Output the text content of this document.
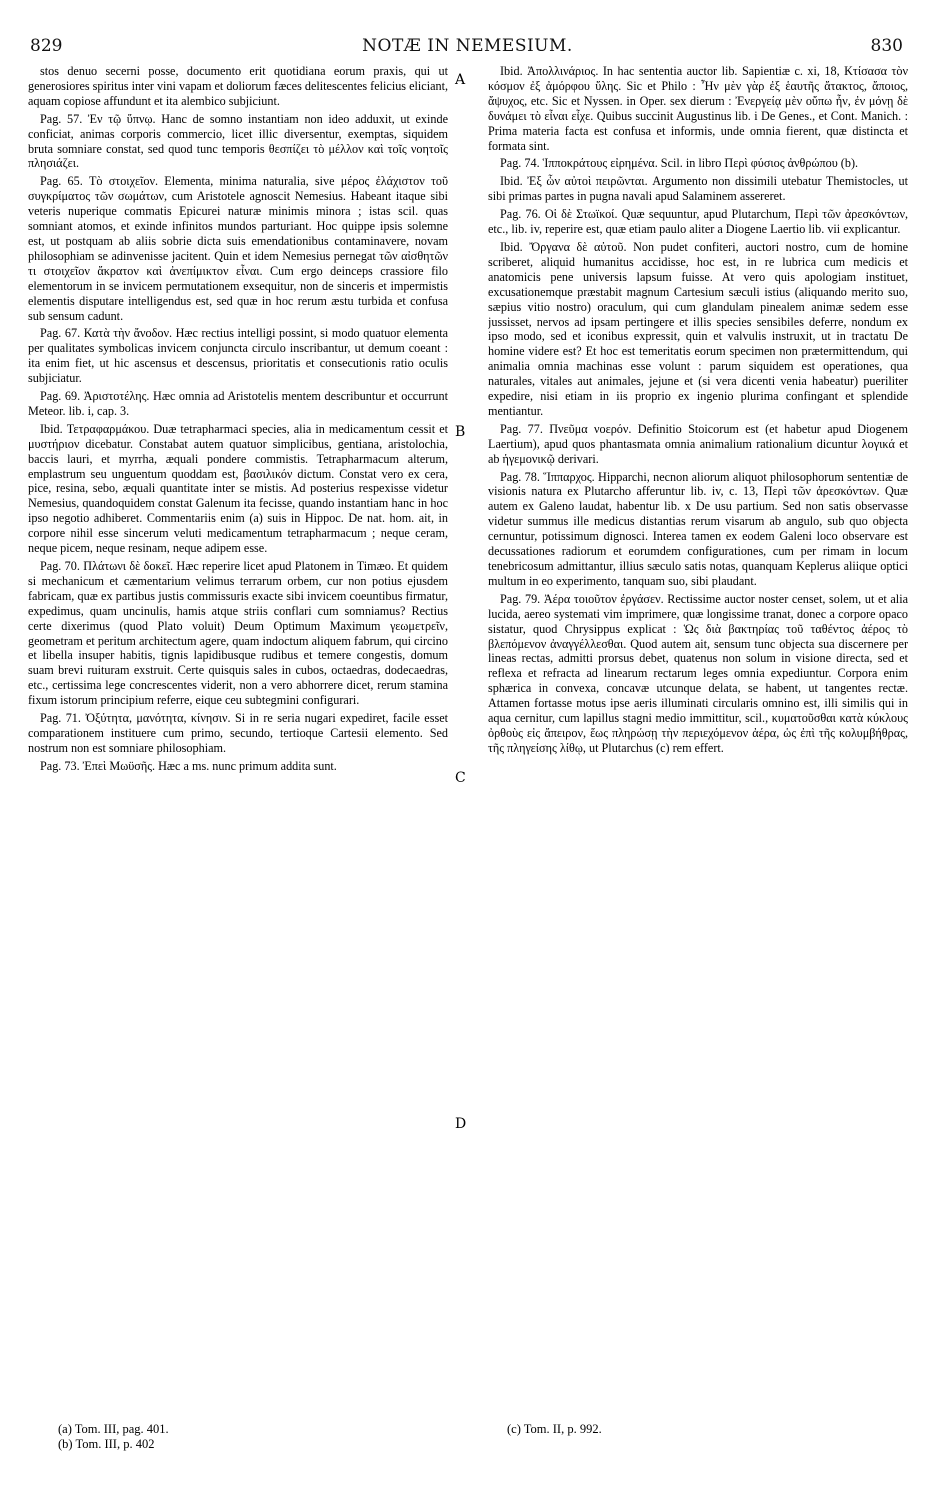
829	NOTÆ IN NEMESIUM.	830

stos denuo secerni posse, documento erit quotidiana eorum praxis, qui ut generosiores spiritus inter vini vapam et doliorum fæces delitescentes felicius eliciant, aquam copiose affundunt et ita alembico subjiciunt.

Pag. 57. Ἐν τῷ ὕπνῳ. Hanc de somno instantiam non ideo adduxit, ut exinde conficiat, animas corporis commercio, licet illic diversentur, exemptas, siquidem bruta somniare constat, sed quod tunc temporis θεσπίζει τὸ μέλλον καὶ τοῖς νοητοῖς πλησιάζει.

Pag. 65. Τὸ στοιχεῖον. Elementa, minima naturalia, sive μέρος ἐλάχιστον τοῦ συγκρίματος τῶν σωμάτων, cum Aristotele agnoscit Nemesius. Habeant itaque sibi veteris nuperique commatis Epicurei naturæ minimis minora ; istas scil. quas somniant atomos, et exinde infinitos mundos parturiant. Hoc quippe ipsis solemne est, ut postquam ab aliis sobrie dicta suis emendationibus contaminavere, novam philosophiam se adinvenisse jacitent. Quin et idem Nemesius pernegat τῶν αἰσθητῶν τι στοιχεῖον ἄκρατον καὶ ἀνεπίμικτον εἶναι. Cum ergo deinceps crassiore filo elementorum in se invicem permutationem exsequitur, non de sinceris et impermistis elementis disputare intelligendus est, sed quæ in hoc rerum æstu turbida et confusa sub sensum cadunt.

Pag. 67. Κατὰ τὴν ἄνοδον. Hæc rectius intelligi possint, si modo quatuor elementa per qualitates symbolicas invicem conjuncta circulo inscribantur, ut demum coeant : ita enim fiet, ut hic ascensus et descensus, prioritatis et consecutionis ratio oculis subjiciatur.

Pag. 69. Ἀριστοτέλης. Hæc omnia ad Aristotelis mentem describuntur et occurrunt Meteor. lib. i, cap. 3.

Ibid. Τετραφαρμάκου. Duæ tetrapharmaci species, alia in medicamentum cessit et μυστήριον dicebatur. Constabat autem quatuor simplicibus, gentiana, aristolochia, baccis lauri, et myrrha, æquali pondere commistis. Tetrapharmacum alterum, emplastrum seu unguentum quoddam est, βασιλικόν dictum. Constat vero ex cera, pice, resina, sebo, æquali quantitate inter se mistis. Ad posterius respexisse videtur Nemesius, quandoquidem constat Galenum ita fecisse, quando instantiam hanc in hoc ipso negotio adhiberet. Commentariis enim (a) suis in Hippoc. De nat. hom. ait, in corpore nihil esse sincerum veluti medicamentum tetrapharmacum ; neque ceram, neque picem, neque resinam, neque adipem esse.

Pag. 70. Πλάτωνι δὲ δοκεῖ. Hæc reperire licet apud Platonem in Timæo. Et quidem si mechanicum et cæmentarium velimus terrarum orbem, cur non potius ejusdem fabricam, quæ ex partibus justis commissuris exacte sibi invicem coeuntibus firmatur, expedimus, quam uncinulis, hamis atque striis conflari cum somniamus? Rectius certe dixerimus (quod Plato voluit) Deum Optimum Maximum γεωμετρεῖν, geometram et peritum architectum agere, quam indoctum aliquem fabrum, qui circino et libella insuper habitis, tignis lapidibusque rudibus et temere congestis, domum suam brevi ruituram exstruit. Certe quisquis sales in cubos, octaedras, dodecaedras, etc., certissima lege concrescentes viderit, non a vero abhorrere dicet, rerum stamina fixum istorum principium referre, eique ceu subtegmini configurari.

Pag. 71. Ὀξύτητα, μανότητα, κίνησιν. Si in re seria nugari expediret, facile esset comparationem instituere cum primo, secundo, tertioque Cartesii elemento. Sed nostrum non est somniare philosophiam.

Pag. 73. Ἐπεὶ Μωϋσῆς. Hæc a ms. nunc primum addita sunt.

Ibid. Ἀπολλινάριος. In hac sententia auctor lib. Sapientiæ c. xi, 18, Κτίσασα τὸν κόσμον ἐξ ἀμόρφου ὕλης. Sic et Philo : Ἦν μὲν γὰρ ἐξ ἑαυτῆς ἄτακτος, ἄποιος, ἄψυχος, etc. Sic et Nyssen. in Oper. sex dierum : Ἐνεργείᾳ μὲν οὔπω ἦν, ἐν μόνῃ δὲ δυνάμει τὸ εἶναι εἶχε. Quibus succinit Augustinus lib. i De Genes., et Cont. Manich. : Prima materia facta est confusa et informis, unde omnia fierent, quæ distincta et formata sint.

Pag. 74. Ἱπποκράτους εἰρημένα. Scil. in libro Περὶ φύσιος ἀνθρώπου (b).

Ibid. Ἐξ ὧν αὐτοὶ πειρῶνται. Argumento non dissimili utebatur Themistocles, ut sibi primas partes in pugna navali apud Salaminem assereret.

Pag. 76. Οἱ δὲ Στωϊκοί. Quæ sequuntur, apud Plutarchum, Περὶ τῶν ἀρεσκόντων, etc., lib. iv, reperire est, quæ etiam paulo aliter a Diogene Laertio lib. vii explicantur.

Ibid. Ὄργανα δὲ αὐτοῦ. Non pudet confiteri, auctori nostro, cum de homine scriberet, aliquid humanitus accidisse, hoc est, in re lubrica cum medicis et anatomicis pene universis lapsum fuisse. At vero quis apologiam instituet, excusationemque præstabit magnum Cartesium sæculi istius (aliquando merito suo, sæpius vitio nostro) oraculum, qui cum glandulam pinealem animæ sedem esse jussisset, nervos ad ipsam pertingere et illis species sensibiles deferre, nondum ex ipso modo, sed et iconibus expressit, quin et valvulis instruxit, ut in tractatu De homine videre est? Et hoc est temeritatis eorum specimen non prætermittendum, qui animalia omnia machinas esse volunt : parum siquidem est operationes, qua naturales, vitales aut animales, jejune et (si vera dicenti venia habeatur) pueriliter expedire, nisi etiam in iis proprio ex ingenio plurima confingant et splendide mentiantur.

Pag. 77. Πνεῦμα νοερόν. Definitio Stoicorum est (et habetur apud Diogenem Laertium), apud quos phantasmata omnia animalium rationalium dicuntur λογικά et ab ἡγεμονικῷ derivari.

Pag. 78. Ἵππαρχος. Hipparchi, necnon aliorum aliquot philosophorum sententiæ de visionis natura ex Plutarcho afferuntur lib. iv, c. 13, Περὶ τῶν ἀρεσκόντων. Quæ autem ex Galeno laudat, habentur lib. x De usu partium. Sed non satis observasse videtur summus ille medicus distantias rerum visarum ab angulo, sub quo objecta cernuntur, potissimum dignosci. Interea tamen ex eodem Galeni loco observare est decussationes radiorum et eorumdem configurationes, cum per rimam in locum tenebricosum admittantur, illius sæculo satis notas, quanquam Keplerus aliique optici multum in eo experimento, tanquam suo, sibi plaudant.

Pag. 79. Ἀέρα τοιοῦτον ἐργάσεν. Rectissime auctor noster censet, solem, ut et alia lucida, aereo systemati vim imprimere, quæ longissime tranat, donec a corpore opaco sistatur, quod Chrysippus explicat : Ὡς διὰ βακτηρίας τοῦ ταθέντος ἀέρος τὸ βλεπόμενον ἀναγγέλλεσθαι. Quod autem ait, sensum tunc objecta sua discernere per lineas rectas, admitti prorsus debet, quatenus non solum in visione directa, sed et reflexa et refracta ad linearum rectarum leges omnia expediuntur. Corpora enim sphærica in convexa, concavæ utcunque delata, se habent, ut tangentes rectæ. Attamen fortasse motus ipse aeris illuminati circularis omnino est, illi similis qui in aqua cernitur, cum lapillus stagni medio immittitur, scil., κυματοῦσθαι κατὰ κύκλους ὀρθοὺς εἰς ἄπειρον, ἕως πληρώσῃ τὴν περιεχόμενον ἀέρα, ὡς ἐπὶ τῆς κολυμβήθρας, τῆς πληγείσης λίθῳ, ut Plutarchus (c) rem effert.

A
B
C
D
(a) Tom. III, pag. 401.
(b) Tom. III, p. 402
(c) Tom. II, p. 992.
